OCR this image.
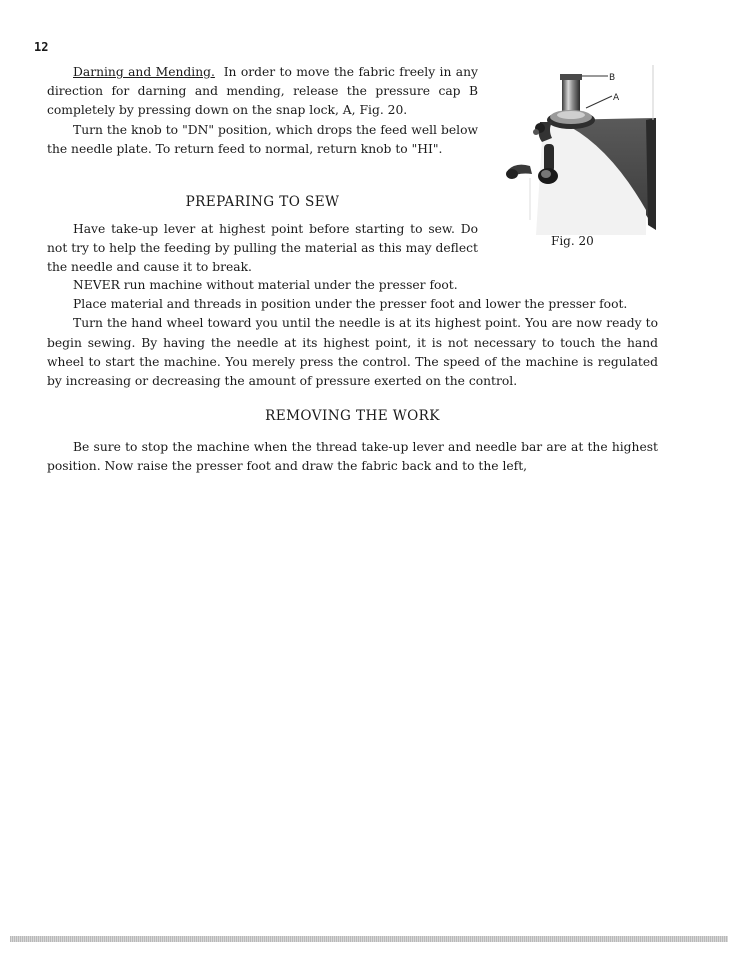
12

Darning and Mending. In order to move the fabric freely in any direction for darning and mending, release the pressure cap B completely by pressing down on the snap lock, A, Fig. 20.

Turn the knob to "DN" position, which drops the feed well below the needle plate. To return feed to normal, return knob to "HI".

B
A
Fig. 20
PREPARING TO SEW

Have take-up lever at highest point before starting to sew. Do not try to help the feeding by pulling the material as this may deflect the needle and cause it to break.

NEVER run machine without material under the presser foot.

Place material and threads in position under the presser foot and lower the presser foot.

Turn the hand wheel toward you until the needle is at its highest point. You are now ready to begin sewing. By having the needle at its highest point, it is not necessary to touch the hand wheel to start the machine. You merely press the control. The speed of the machine is regulated by increasing or decreasing the amount of pressure exerted on the control.

REMOVING THE WORK

Be sure to stop the machine when the thread take-up lever and needle bar are at the highest position. Now raise the presser foot and draw the fabric back and to the left,
